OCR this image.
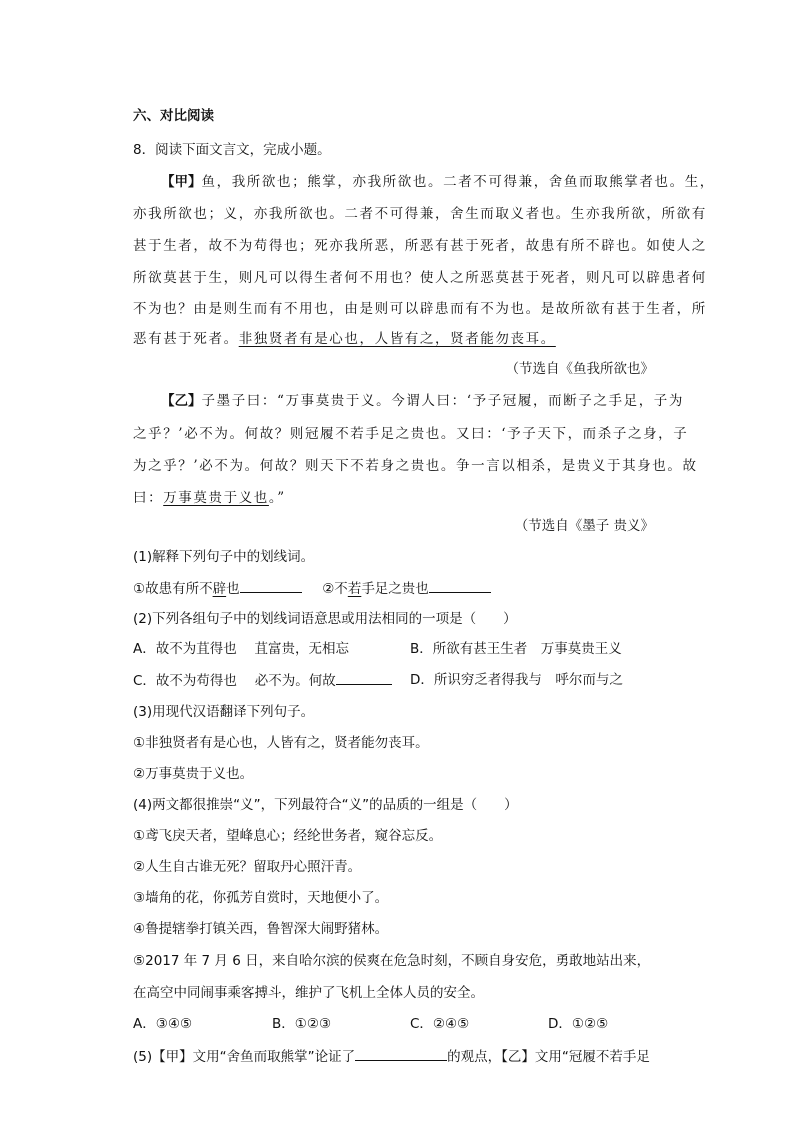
六、对比阅读
8．阅读下面文言文，完成小题。
【甲】鱼，我所欲也；熊掌，亦我所欲也。二者不可得兼，舍鱼而取熊掌者也。生，
亦我所欲也；义，亦我所欲也。二者不可得兼，舍生而取义者也。生亦我所欲，所欲有
甚于生者，故不为苟得也；死亦我所恶，所恶有甚于死者，故患有所不辟也。如使人之
所欲莫甚于生，则凡可以得生者何不用也？使人之所恶莫甚于死者，则凡可以辟患者何
不为也？由是则生而有不用也，由是则可以辟患而有不为也。是故所欲有甚于生者，所
恶有甚于死者。非独贤者有是心也，人皆有之，贤者能勿丧耳。
（节选自《鱼我所欲也》
【乙】子墨子曰：“万事莫贵于义。今谓人曰：‘予子冠履，而断子之手足，子为
之乎？’必不为。何故？则冠履不若手足之贵也。又曰：‘予子天下，而杀子之身，子
为之乎？’必不为。何故？则天下不若身之贵也。争一言以相杀，是贵义于其身也。故
曰：万事莫贵于义也。”
（节选自《墨子 贵义》
(1)解释下列句子中的划线词。
①故患有所不辟也	②不若手足之贵也
(2)下列各组句子中的划线词语意思或用法相同的一项是（　　）
A．故不为苴得也　 苴富贵，无相忘	B．所欲有甚王生者　万事莫贵王义
C．故不为苟得也　 必不为。何故	D．所识穷乏者得我与　呼尔而与之
(3)用现代汉语翻译下列句子。
①非独贤者有是心也，人皆有之，贤者能勿丧耳。
②万事莫贵于义也。
(4)两文都很推崇“义”，下列最符合“义”的品质的一组是（　　）
①鸢飞戾天者，望峰息心；经纶世务者，窥谷忘反。
②人生自古谁无死？留取丹心照汗青。
③墙角的花，你孤芳自赏时，天地便小了。
④鲁提辖拳打镇关西，鲁智深大闹野猪林。
⑤2017 年 7 月 6 日，来自哈尔滨的侯爽在危急时刻，不顾自身安危，勇敢地站出来，
在高空中同闹事乘客搏斗，维护了飞机上全体人员的安全。
A．③④⑤	B．①②③	C．②④⑤	D．①②⑤
(5)【甲】文用“舍鱼而取熊掌”论证了	的观点，【乙】文用“冠履不若手足
